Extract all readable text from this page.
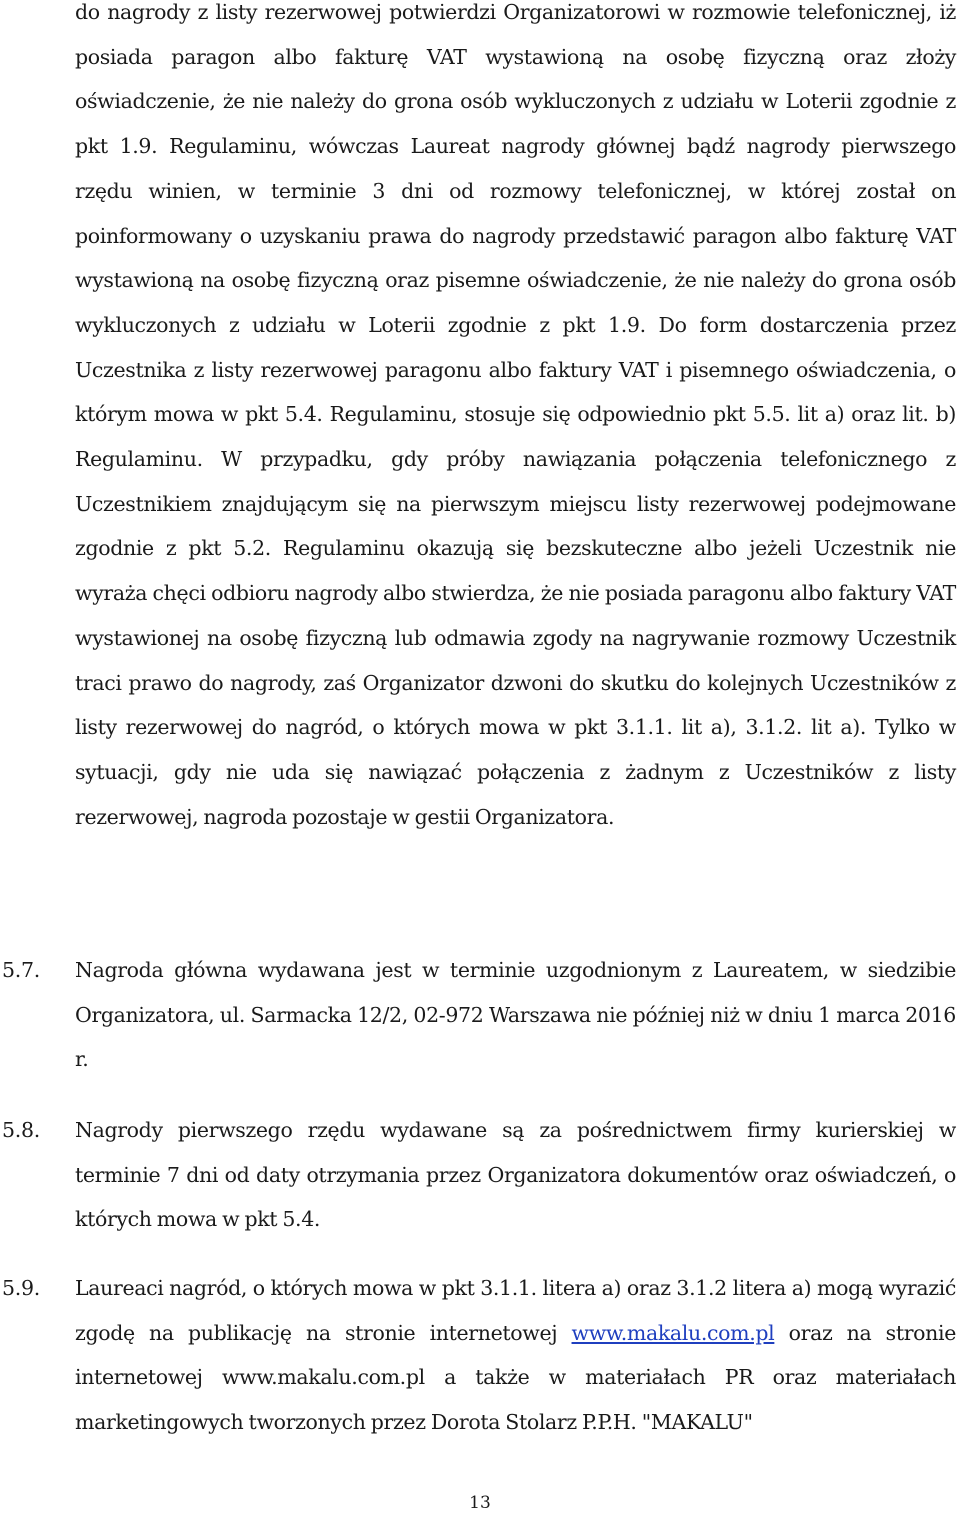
do nagrody z listy rezerwowej potwierdzi Organizatorowi w rozmowie telefonicznej, iż posiada paragon albo fakturę VAT wystawioną na osobę fizyczną oraz złoży oświadczenie, że nie należy do grona osób wykluczonych z udziału w Loterii zgodnie z pkt 1.9. Regulaminu, wówczas Laureat nagrody głównej bądź nagrody pierwszego rzędu winien, w terminie 3 dni od rozmowy telefonicznej, w której został on poinformowany o uzyskaniu prawa do nagrody przedstawić paragon albo fakturę VAT wystawioną na osobę fizyczną oraz pisemne oświadczenie, że nie należy do grona osób wykluczonych z udziału w Loterii zgodnie z pkt 1.9. Do form dostarczenia przez Uczestnika z listy rezerwowej paragonu albo faktury VAT i pisemnego oświadczenia, o którym mowa w pkt 5.4. Regulaminu, stosuje się odpowiednio pkt 5.5. lit a) oraz lit. b) Regulaminu. W przypadku, gdy próby nawiązania połączenia telefonicznego z Uczestnikiem znajdującym się na pierwszym miejscu listy rezerwowej podejmowane zgodnie z pkt 5.2. Regulaminu okazują się bezskuteczne albo jeżeli Uczestnik nie wyraża chęci odbioru nagrody albo stwierdza, że nie posiada paragonu albo faktury VAT wystawionej na osobę fizyczną lub odmawia zgody na nagrywanie rozmowy Uczestnik traci prawo do nagrody, zaś Organizator dzwoni do skutku do kolejnych Uczestników z listy rezerwowej do nagród, o których mowa w pkt 3.1.1. lit a), 3.1.2. lit a). Tylko w sytuacji, gdy nie uda się nawiązać połączenia z żadnym z Uczestników z listy rezerwowej, nagroda pozostaje w gestii Organizatora.
5.7. Nagroda główna wydawana jest w terminie uzgodnionym z Laureatem, w siedzibie Organizatora, ul. Sarmacka 12/2, 02-972 Warszawa nie później niż w dniu 1 marca 2016 r.
5.8. Nagrody pierwszego rzędu wydawane są za pośrednictwem firmy kurierskiej w terminie 7 dni od daty otrzymania przez Organizatora dokumentów oraz oświadczeń, o których mowa w pkt 5.4.
5.9. Laureaci nagród, o których mowa w pkt 3.1.1. litera a) oraz 3.1.2 litera a) mogą wyrazić zgodę na publikację na stronie internetowej www.makalu.com.pl oraz na stronie internetowej www.makalu.com.pl a także w materiałach PR oraz materiałach marketingowych tworzonych przez Dorota Stolarz P.P.H. "MAKALU"
13
